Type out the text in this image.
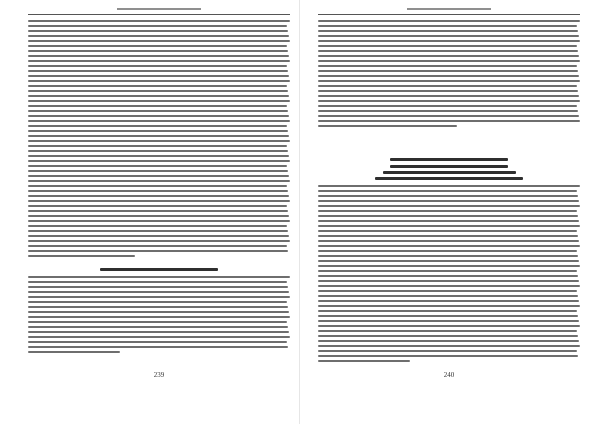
239	240
